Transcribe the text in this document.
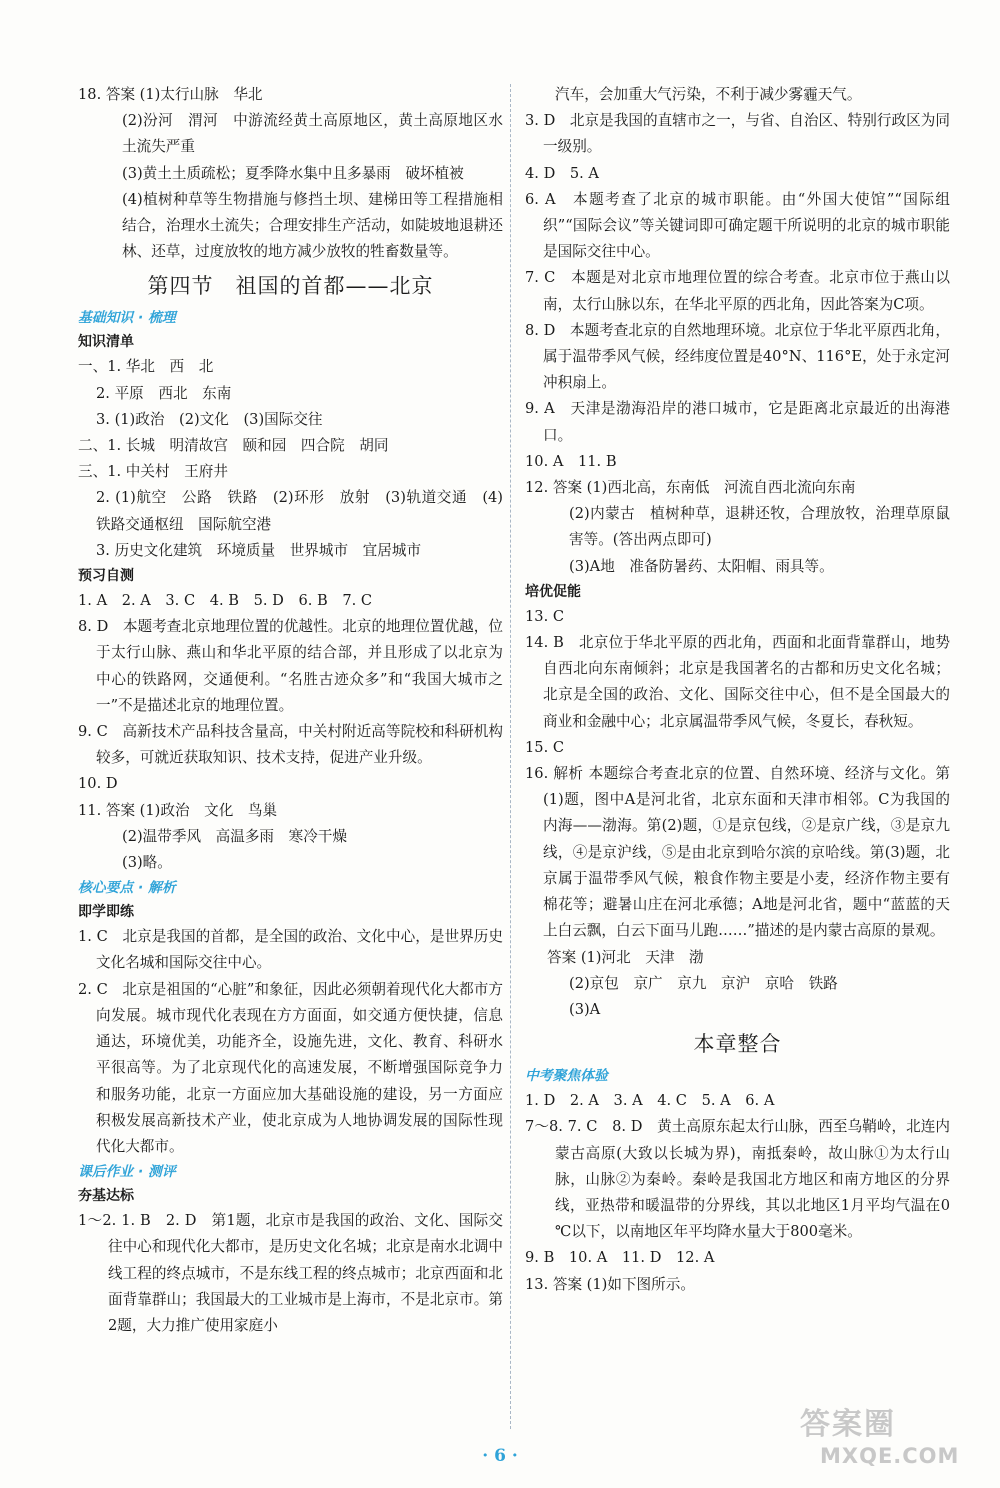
18. 答案 (1)太行山脉　华北

(2)汾河　渭河　中游流经黄土高原地区，黄土高原地区水土流失严重

(3)黄土土质疏松；夏季降水集中且多暴雨　破坏植被

(4)植树种草等生物措施与修挡土坝、建梯田等工程措施相结合，治理水土流失；合理安排生产活动，如陡坡地退耕还林、还草，过度放牧的地方减少放牧的牲畜数量等。

第四节　祖国的首都——北京
基础知识 · 梳理
知识清单

一、1. 华北　西　北

2. 平原　西北　东南

3. (1)政治　(2)文化　(3)国际交往

二、1. 长城　明清故宫　颐和园　四合院　胡同

三、1. 中关村　王府井

2. (1)航空　公路　铁路　(2)环形　放射　(3)轨道交通　(4)铁路交通枢纽　国际航空港

3. 历史文化建筑　环境质量　世界城市　宜居城市

预习自测

1. A　2. A　3. C　4. B　5. D　6. B　7. C

8. D　本题考查北京地理位置的优越性。北京的地理位置优越，位于太行山脉、燕山和华北平原的结合部，并且形成了以北京为中心的铁路网，交通便利。“名胜古迹众多”和“我国大城市之一”不是描述北京的地理位置。

9. C　高新技术产品科技含量高，中关村附近高等院校和科研机构较多，可就近获取知识、技术支持，促进产业升级。

10. D

11. 答案 (1)政治　文化　鸟巢

(2)温带季风　高温多雨　寒冷干燥

(3)略。

核心要点 · 解析
即学即练

1. C　北京是我国的首都，是全国的政治、文化中心，是世界历史文化名城和国际交往中心。

2. C　北京是祖国的“心脏”和象征，因此必须朝着现代化大都市方向发展。城市现代化表现在方方面面，如交通方便快捷，信息通达，环境优美，功能齐全，设施先进，文化、教育、科研水平很高等。为了北京现代化的高速发展，不断增强国际竞争力和服务功能，北京一方面应加大基础设施的建设，另一方面应积极发展高新技术产业，使北京成为人地协调发展的国际性现代化大都市。

课后作业 · 测评
夯基达标

1～2. 1. B　2. D　第1题，北京市是我国的政治、文化、国际交往中心和现代化大都市，是历史文化名城；北京是南水北调中线工程的终点城市，不是东线工程的终点城市；北京西面和北面背靠群山；我国最大的工业城市是上海市，不是北京市。第2题，大力推广使用家庭小

汽车，会加重大气污染，不利于减少雾霾天气。

3. D　北京是我国的直辖市之一，与省、自治区、特别行政区为同一级别。

4. D　5. A

6. A　本题考查了北京的城市职能。由“外国大使馆”“国际组织”“国际会议”等关键词即可确定题干所说明的北京的城市职能是国际交往中心。

7. C　本题是对北京市地理位置的综合考查。北京市位于燕山以南，太行山脉以东，在华北平原的西北角，因此答案为C项。

8. D　本题考查北京的自然地理环境。北京位于华北平原西北角，属于温带季风气候，经纬度位置是40°N、116°E，处于永定河冲积扇上。

9. A　天津是渤海沿岸的港口城市，它是距离北京最近的出海港口。

10. A　11. B

12. 答案 (1)西北高，东南低　河流自西北流向东南

(2)内蒙古　植树种草，退耕还牧，合理放牧，治理草原鼠害等。(答出两点即可)

(3)A地　准备防暑药、太阳帽、雨具等。

培优促能

13. C

14. B　北京位于华北平原的西北角，西面和北面背靠群山，地势自西北向东南倾斜；北京是我国著名的古都和历史文化名城；北京是全国的政治、文化、国际交往中心，但不是全国最大的商业和金融中心；北京属温带季风气候，冬夏长，春秋短。

15. C

16. 解析 本题综合考查北京的位置、自然环境、经济与文化。第(1)题，图中A是河北省，北京东面和天津市相邻。C为我国的内海——渤海。第(2)题，①是京包线，②是京广线，③是京九线，④是京沪线，⑤是由北京到哈尔滨的京哈线。第(3)题，北京属于温带季风气候，粮食作物主要是小麦，经济作物主要有棉花等；避暑山庄在河北承德；A地是河北省，题中“蓝蓝的天上白云飘，白云下面马儿跑……”描述的是内蒙古高原的景观。

答案 (1)河北　天津　渤

(2)京包　京广　京九　京沪　京哈　铁路

(3)A

本章整合
中考聚焦体验

1. D　2. A　3. A　4. C　5. A　6. A

7～8. 7. C　8. D　黄土高原东起太行山脉，西至乌鞘岭，北连内蒙古高原(大致以长城为界)，南抵秦岭，故山脉①为太行山脉，山脉②为秦岭。秦岭是我国北方地区和南方地区的分界线，亚热带和暖温带的分界线，其以北地区1月平均气温在0 ℃以下，以南地区年平均降水量大于800毫米。

9. B　10. A　11. D　12. A

13. 答案 (1)如下图所示。

· 6 ·
答案圈
MXQE.COM
